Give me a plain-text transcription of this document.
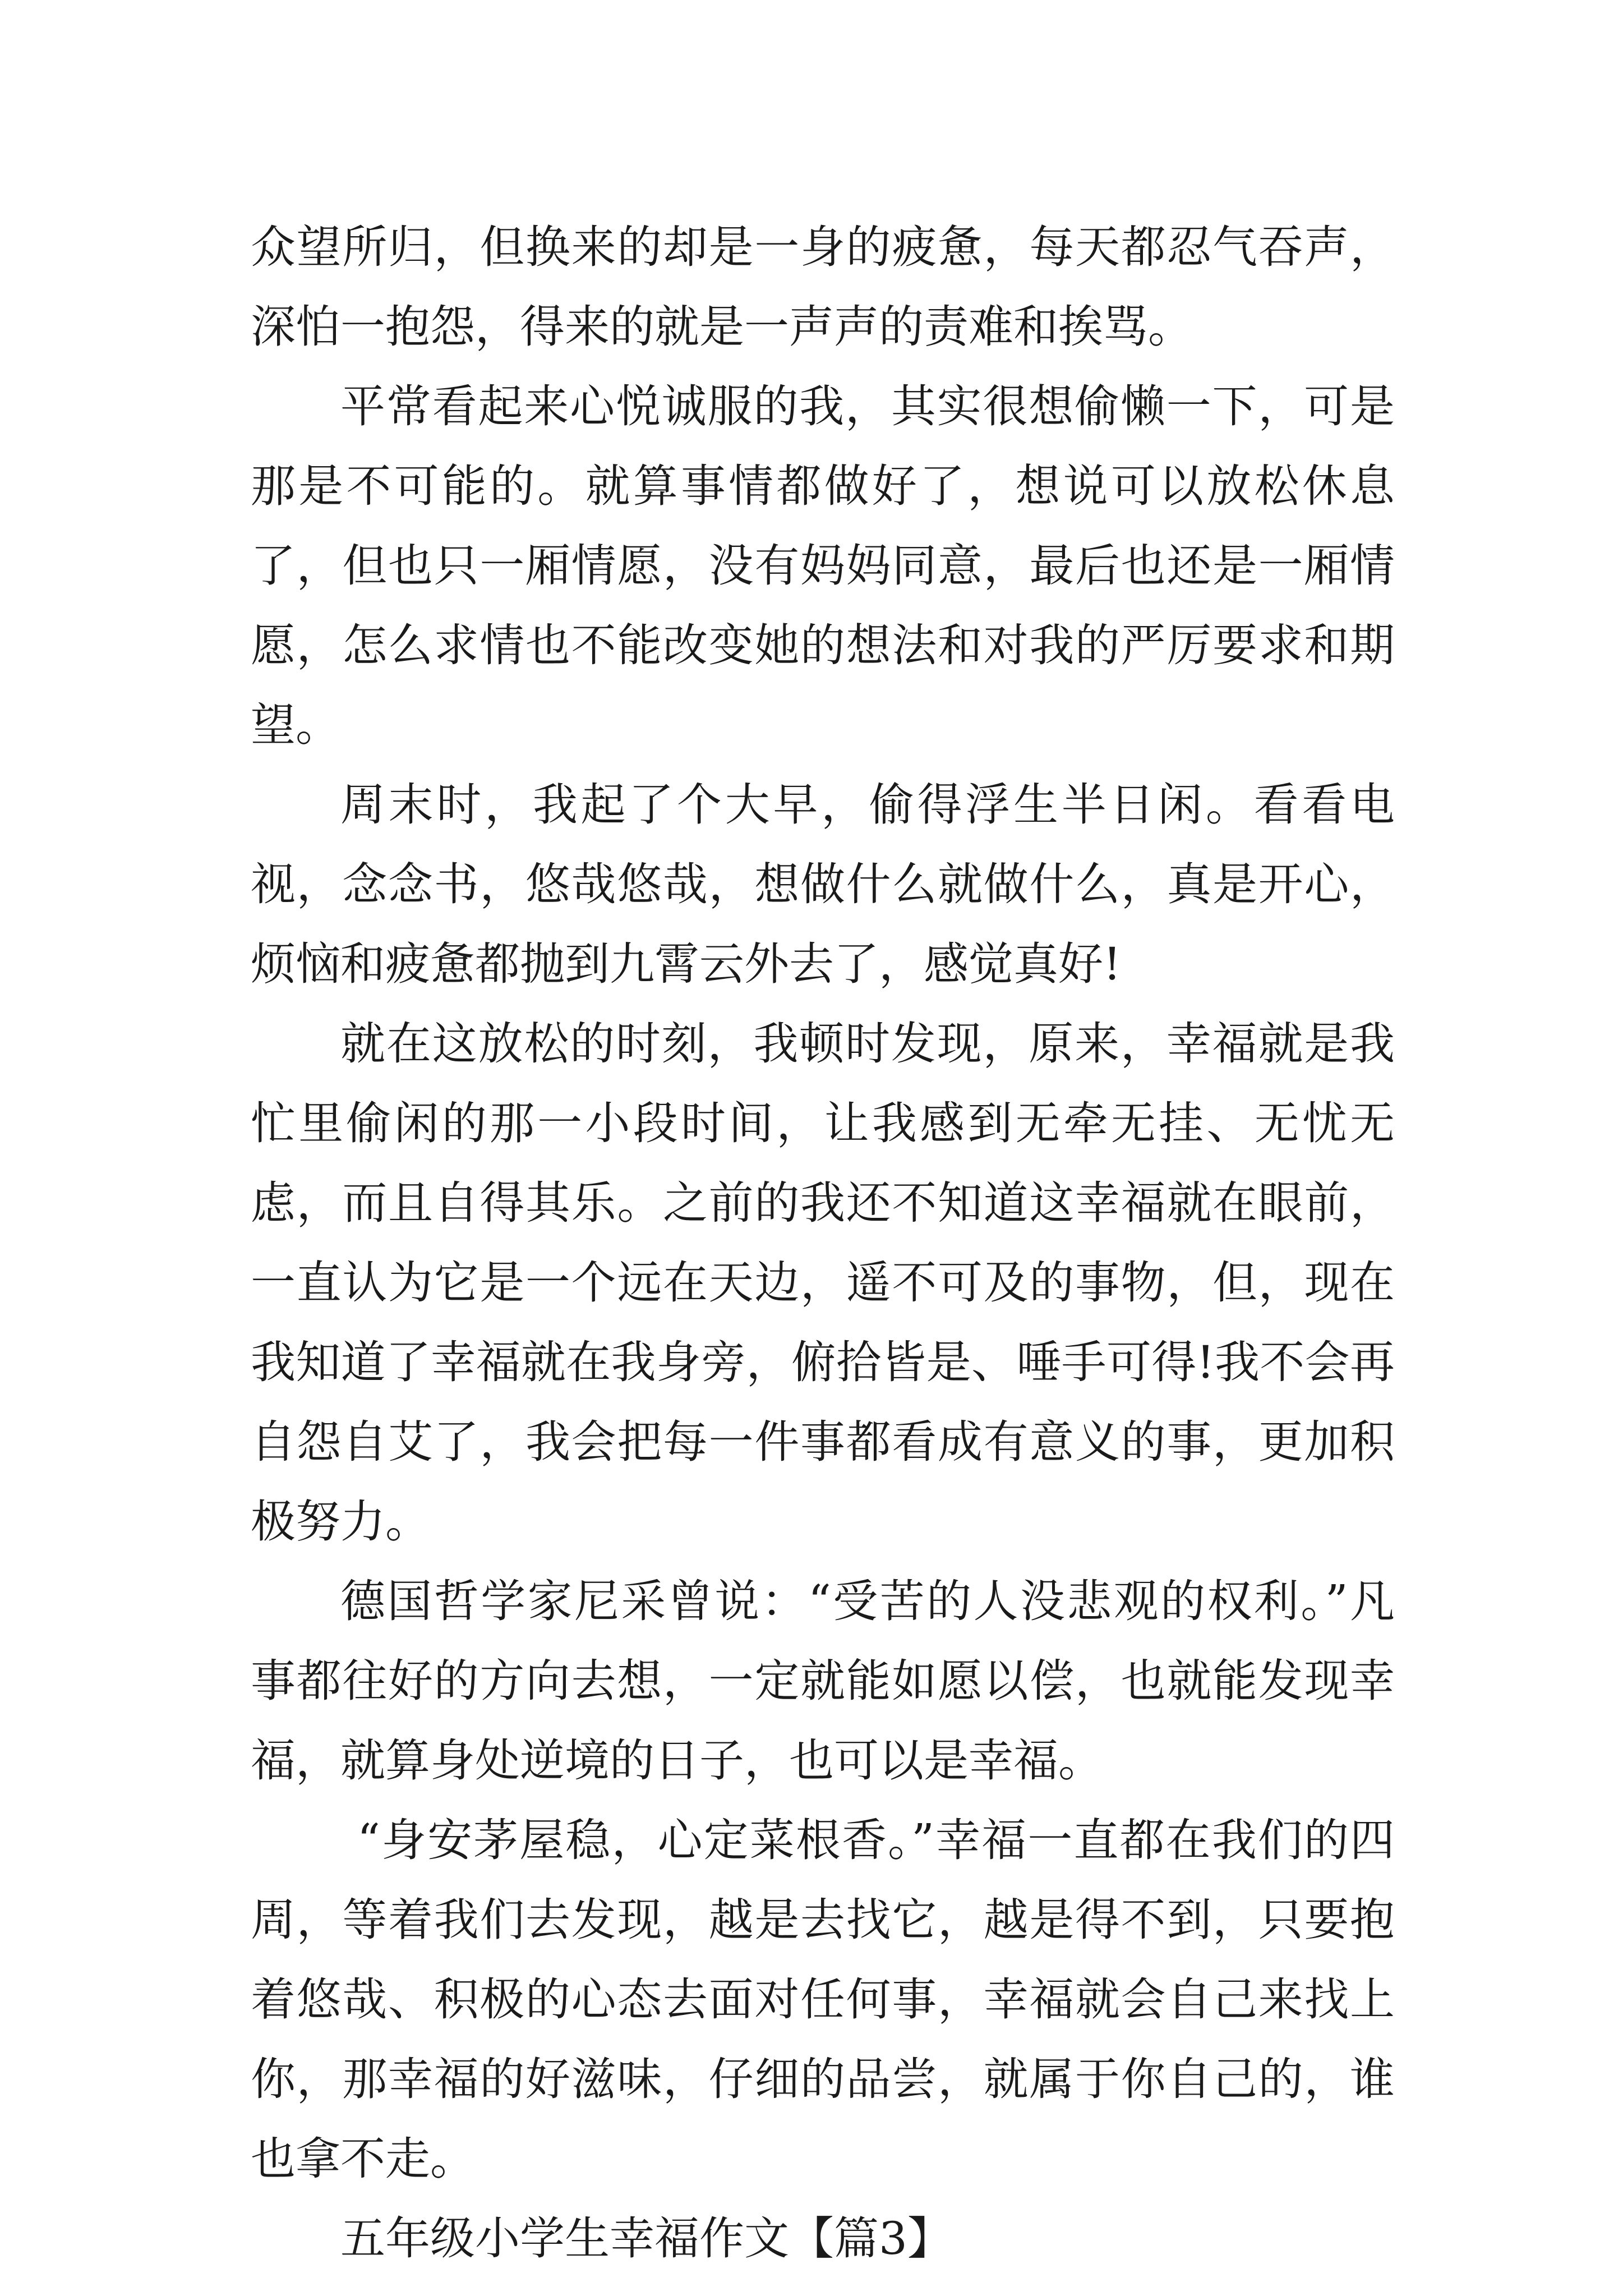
众望所归，但换来的却是一身的疲惫，每天都忍气吞声，深怕一抱怨，得来的就是一声声的责难和挨骂。

平常看起来心悦诚服的我，其实很想偷懒一下，可是那是不可能的。就算事情都做好了，想说可以放松休息了，但也只一厢情愿，没有妈妈同意，最后也还是一厢情愿，怎么求情也不能改变她的想法和对我的严厉要求和期望。

周末时，我起了个大早，偷得浮生半日闲。看看电视，念念书，悠哉悠哉，想做什么就做什么，真是开心，烦恼和疲惫都抛到九霄云外去了，感觉真好!

就在这放松的时刻，我顿时发现，原来，幸福就是我忙里偷闲的那一小段时间，让我感到无牵无挂、无忧无虑，而且自得其乐。之前的我还不知道这幸福就在眼前，一直认为它是一个远在天边，遥不可及的事物，但，现在我知道了幸福就在我身旁，俯拾皆是、唾手可得!我不会再自怨自艾了，我会把每一件事都看成有意义的事，更加积极努力。

德国哲学家尼采曾说：“受苦的人没悲观的权利。”凡事都往好的方向去想，一定就能如愿以偿，也就能发现幸福，就算身处逆境的日子，也可以是幸福。

“身安茅屋稳，心定菜根香。”幸福一直都在我们的四周，等着我们去发现，越是去找它，越是得不到，只要抱着悠哉、积极的心态去面对任何事，幸福就会自己来找上你，那幸福的好滋味，仔细的品尝，就属于你自己的，谁也拿不走。

五年级小学生幸福作文【篇3】
